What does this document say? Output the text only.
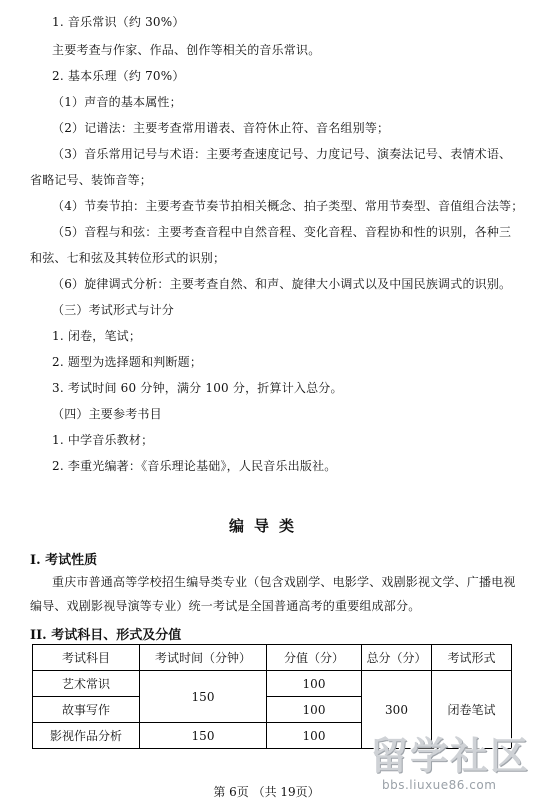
1. 音乐常识（约 30%）
主要考查与作家、作品、创作等相关的音乐常识。
2. 基本乐理（约 70%）
（1）声音的基本属性；
（2）记谱法：主要考查常用谱表、音符休止符、音名组别等；
（3）音乐常用记号与术语：主要考查速度记号、力度记号、演奏法记号、表情术语、
省略记号、装饰音等；
（4）节奏节拍：主要考查节奏节拍相关概念、拍子类型、常用节奏型、音值组合法等；
（5）音程与和弦：主要考查音程中自然音程、变化音程、音程协和性的识别，各种三
和弦、七和弦及其转位形式的识别；
（6）旋律调式分析：主要考查自然、和声、旋律大小调式以及中国民族调式的识别。
（三）考试形式与计分
1. 闭卷，笔试；
2. 题型为选择题和判断题；
3. 考试时间 60 分钟，满分 100 分，折算计入总分。
（四）主要参考书目
1. 中学音乐教材；
2. 李重光编著：《音乐理论基础》，人民音乐出版社。
编导类
I. 考试性质
重庆市普通高等学校招生编导类专业（包含戏剧学、电影学、戏剧影视文学、广播电视
编导、戏剧影视导演等专业）统一考试是全国普通高考的重要组成部分。
II. 考试科目、形式及分值
考试科目	考试时间（分钟）	分值（分）	总分（分）	考试形式
艺术常识	150	100	300	闭卷笔试
故事写作		100		
影视作品分析	150	100		
第 6页 （共 19页）
留学社区
bbs.liuxue86.com
